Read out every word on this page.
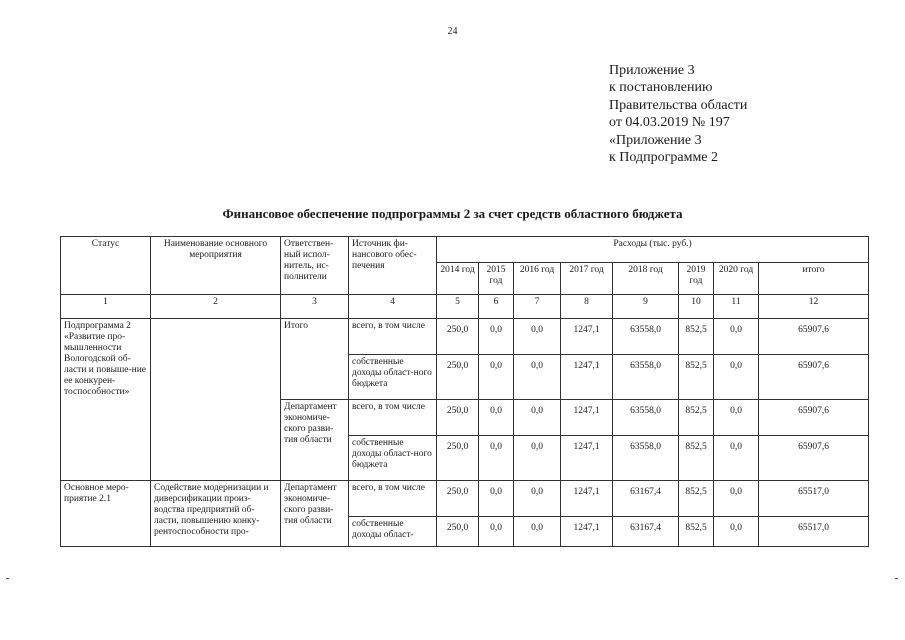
24
Приложение 3
к постановлению
Правительства области
от 04.03.2019 № 197
«Приложение 3
к Подпрограмме 2
Финансовое обеспечение подпрограммы 2 за счет средств областного бюджета
Статус	Наименование основного мероприятия	Ответствен-ный испол-нитель, ис-полнители	Источник фи-нансового обес-печения	Расходы (тыс. руб.)							
				2014 год	2015 год	2016 год	2017 год	2018 год	2019 год	2020 год	итого
1	2	3	4	5	6	7	8	9	10	11	12
Подпрограмма 2 «Развитие про-мышленности Вологодской об-ласти и повыше-ние ее конкурен-тоспособности»		Итого	всего, в том числе	250,0	0,0	0,0	1247,1	63558,0	852,5	0,0	65907,6
			собственные доходы област-ного бюджета	250,0	0,0	0,0	1247,1	63558,0	852,5	0,0	65907,6
		Департамент экономиче-ского разви-тия области	всего, в том числе	250,0	0,0	0,0	1247,1	63558,0	852,5	0,0	65907,6
			собственные доходы област-ного бюджета	250,0	0,0	0,0	1247,1	63558,0	852,5	0,0	65907,6
Основное меро-приятие 2.1	Содействие модернизации и диверсификации произ-водства предприятий об-ласти, повышению конку-рентоспособности про-	Департамент экономиче-ского разви-тия области	всего, в том числе	250,0	0,0	0,0	1247,1	63167,4	852,5	0,0	65517,0
			собственные доходы област-	250,0	0,0	0,0	1247,1	63167,4	852,5	0,0	65517,0
